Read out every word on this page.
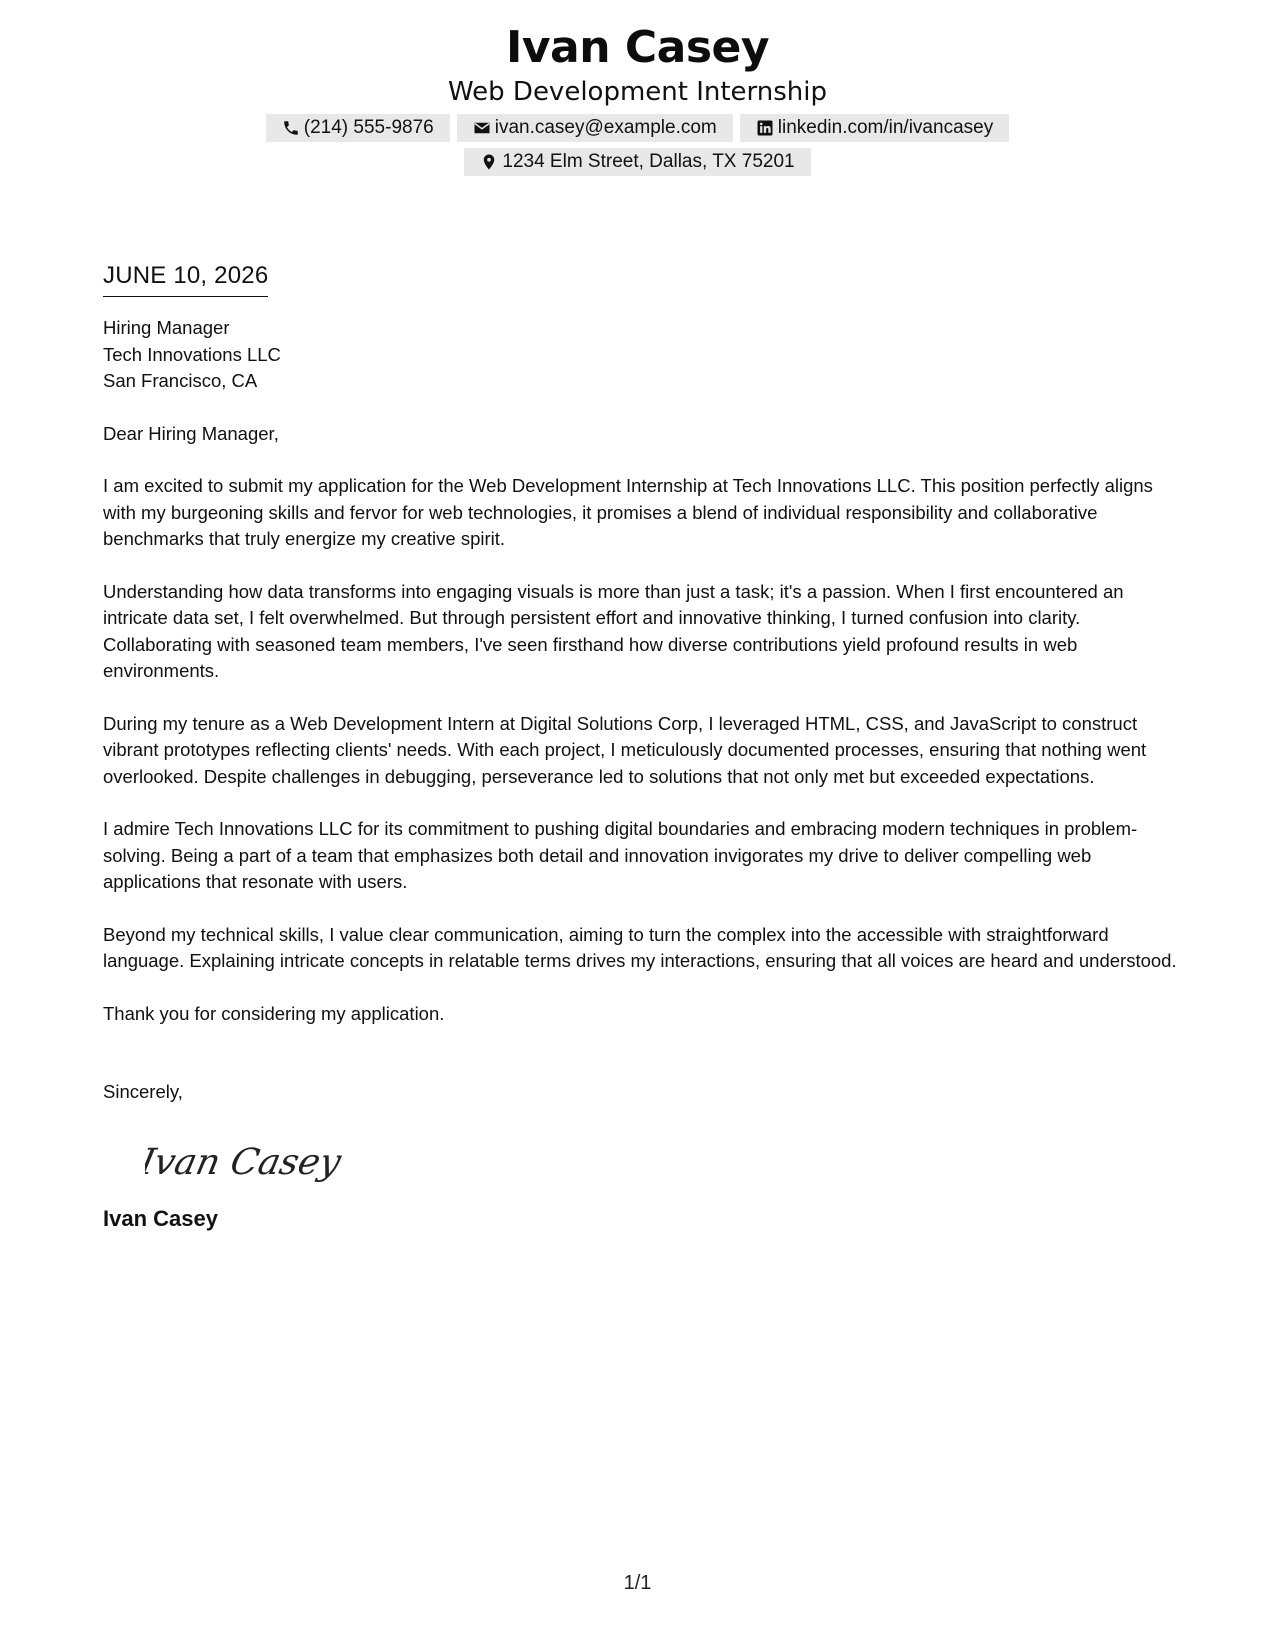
Ivan Casey
Web Development Internship
(214) 555-9876	ivan.casey@example.com	linkedin.com/in/ivancasey
1234 Elm Street, Dallas, TX 75201
JUNE 10, 2026
Hiring Manager
Tech Innovations LLC
San Francisco, CA
Dear Hiring Manager,
I am excited to submit my application for the Web Development Internship at Tech Innovations LLC. This position perfectly aligns with my burgeoning skills and fervor for web technologies, it promises a blend of individual responsibility and collaborative benchmarks that truly energize my creative spirit.
Understanding how data transforms into engaging visuals is more than just a task; it's a passion. When I first encountered an intricate data set, I felt overwhelmed. But through persistent effort and innovative thinking, I turned confusion into clarity. Collaborating with seasoned team members, I've seen firsthand how diverse contributions yield profound results in web environments.
During my tenure as a Web Development Intern at Digital Solutions Corp, I leveraged HTML, CSS, and JavaScript to construct vibrant prototypes reflecting clients' needs. With each project, I meticulously documented processes, ensuring that nothing went overlooked. Despite challenges in debugging, perseverance led to solutions that not only met but exceeded expectations.
I admire Tech Innovations LLC for its commitment to pushing digital boundaries and embracing modern techniques in problem-solving. Being a part of a team that emphasizes both detail and innovation invigorates my drive to deliver compelling web applications that resonate with users.
Beyond my technical skills, I value clear communication, aiming to turn the complex into the accessible with straightforward language. Explaining intricate concepts in relatable terms drives my interactions, ensuring that all voices are heard and understood.
Thank you for considering my application.
Sincerely,
Ivan Casey
Ivan Casey
1/1
